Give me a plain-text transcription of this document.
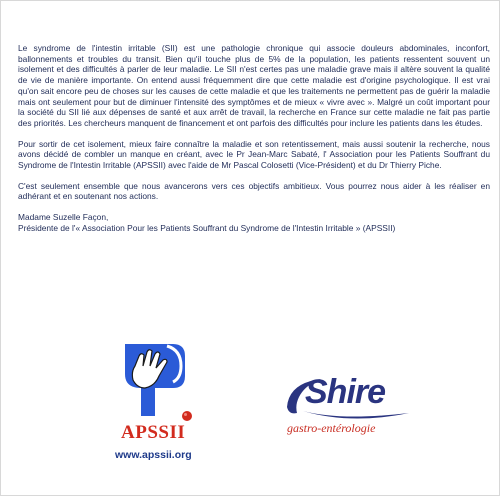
Le syndrome de l'intestin irritable (SII) est une pathologie chronique qui associe douleurs abdominales, inconfort, ballonnements et troubles du transit. Bien qu'il touche plus de 5% de la population, les patients ressentent souvent un isolement et des difficultés à parler de leur maladie. Le SII n'est certes pas une maladie grave mais il altère souvent la qualité de vie de manière importante. On entend aussi fréquemment dire que cette maladie est d'origine psychologique. Il est vrai qu'on sait encore peu de choses sur les causes de cette maladie et que les traitements ne permettent pas de guérir la maladie mais ont seulement pour but de diminuer l'intensité des symptômes et de mieux « vivre avec ». Malgré un coût important pour la société du SII lié aux dépenses de santé et aux arrêt de travail, la recherche en France sur cette maladie ne fait pas partie des priorités. Les chercheurs manquent de financement et ont parfois des difficultés pour inclure les patients dans les études.

Pour sortir de cet isolement, mieux faire connaître la maladie et son retentissement, mais aussi soutenir la recherche, nous avons décidé de combler un manque en créant, avec le Pr Jean-Marc Sabaté, l' Association pour les Patients Souffrant du Syndrome de l'Intestin Irritable (APSSII) avec l'aide de Mr Pascal Colosetti (Vice-Président) et du Dr Thierry Piche.

C'est seulement ensemble que nous avancerons vers ces objectifs ambitieux. Vous pourrez nous aider à les réaliser en adhérant et en soutenant nos actions.

Madame Suzelle Façon,

Présidente de l'« Association Pour les Patients Souffrant du Syndrome de l'Intestin Irritable » (APSSII)

APSSII
www.apssii.org
Shire
gastro-entérologie
